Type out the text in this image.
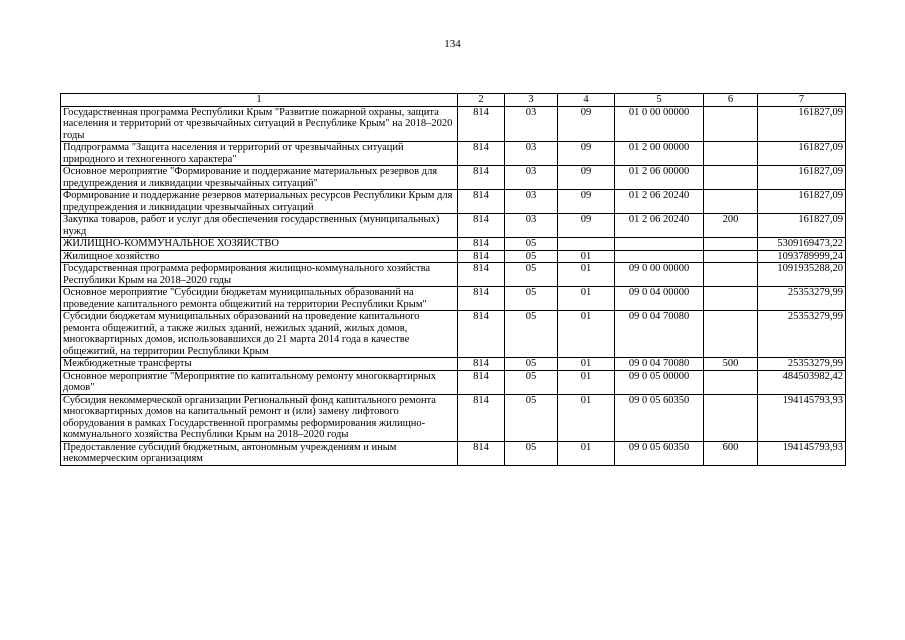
134
1	2	3	4	5	6	7
Государственная программа Республики Крым "Развитие пожарной охраны, защита населения и территорий от чрезвычайных ситуаций в Республике Крым" на 2018–2020 годы	814	03	09	01 0 00 00000		161827,09
Подпрограмма "Защита населения и территорий от чрезвычайных ситуаций природного и техногенного характера"	814	03	09	01 2 00 00000		161827,09
Основное мероприятие "Формирование и поддержание материальных резервов для предупреждения и ликвидации чрезвычайных ситуаций"	814	03	09	01 2 06 00000		161827,09
Формирование и поддержание резервов материальных ресурсов Республики Крым для предупреждения и ликвидации чрезвычайных ситуаций	814	03	09	01 2 06 20240		161827,09
Закупка товаров, работ и услуг для обеспечения государственных (муниципальных) нужд	814	03	09	01 2 06 20240	200	161827,09
ЖИЛИЩНО-КОММУНАЛЬНОЕ ХОЗЯЙСТВО	814	05				5309169473,22
Жилищное хозяйство	814	05	01			1093789999,24
Государственная программа реформирования жилищно-коммунального хозяйства Республики Крым на 2018–2020 годы	814	05	01	09 0 00 00000		1091935288,20
Основное мероприятие "Субсидии бюджетам муниципальных образований на проведение капитального ремонта общежитий на территории Республики Крым"	814	05	01	09 0 04 00000		25353279,99
Субсидии бюджетам муниципальных образований на проведение капитального ремонта общежитий, а также жилых зданий, нежилых зданий, жилых домов, многоквартирных домов, использовавшихся до 21 марта 2014 года в качестве общежитий, на территории Республики Крым	814	05	01	09 0 04 70080		25353279,99
Межбюджетные трансферты	814	05	01	09 0 04 70080	500	25353279,99
Основное мероприятие "Мероприятие по капитальному ремонту многоквартирных домов"	814	05	01	09 0 05 00000		484503982,42
Субсидия некоммерческой организации Региональный фонд капитального ремонта многоквартирных домов на капитальный ремонт и (или) замену лифтового оборудования в рамках Государственной программы реформирования жилищно-коммунального хозяйства Республики Крым на 2018–2020 годы	814	05	01	09 0 05 60350		194145793,93
Предоставление субсидий бюджетным, автономным учреждениям и иным некоммерческим организациям	814	05	01	09 0 05 60350	600	194145793,93
